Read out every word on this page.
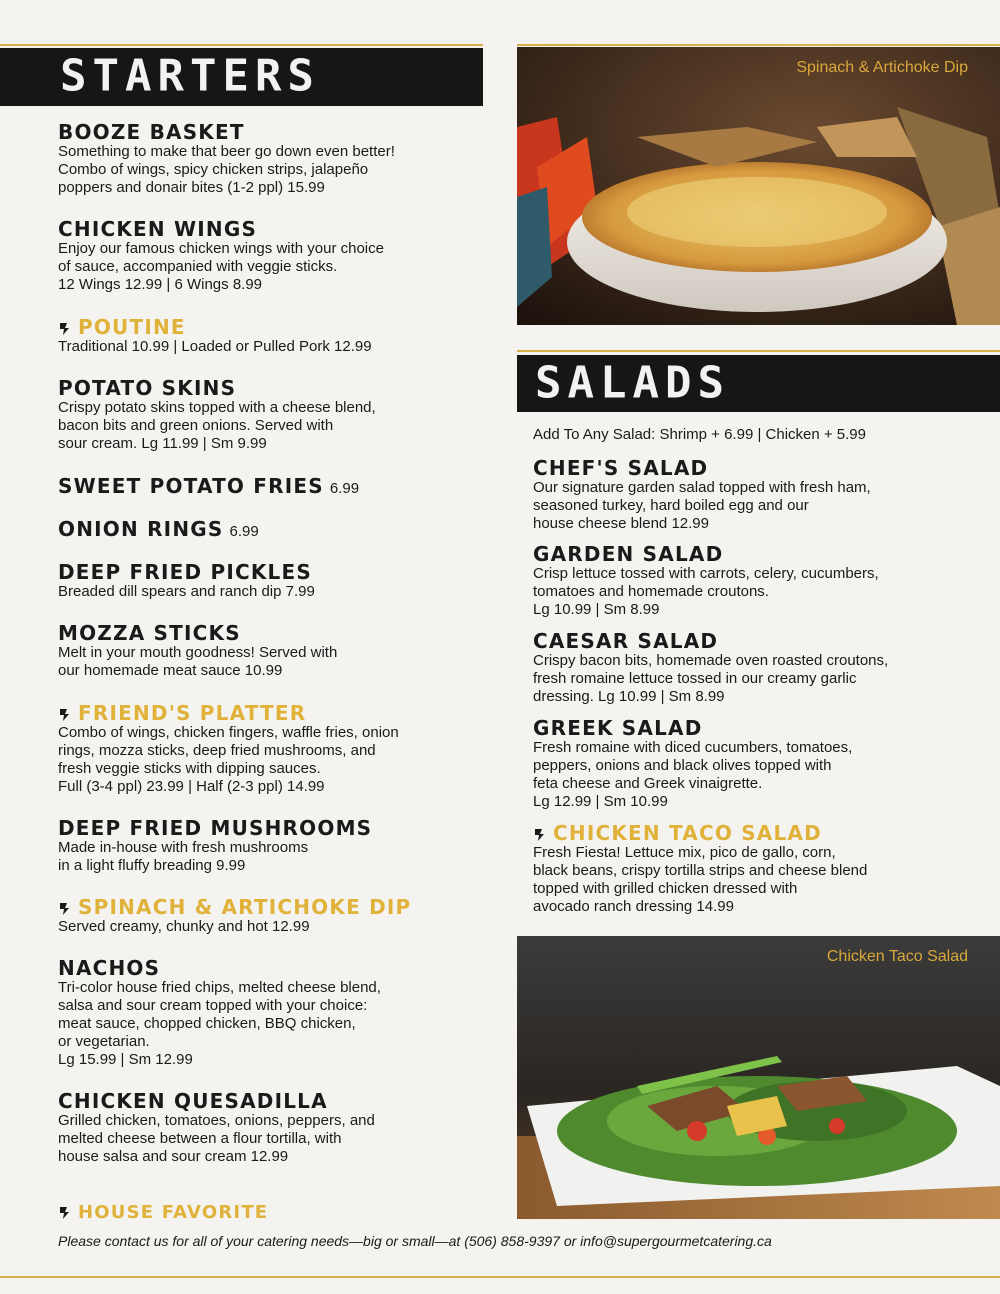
STARTERS
BOOZE BASKET
Something to make that beer go down even better!
Combo of wings, spicy chicken strips, jalapeño
poppers and donair bites (1-2 ppl) 15.99
CHICKEN WINGS
Enjoy our famous chicken wings with your choice
of sauce, accompanied with veggie sticks.
12 Wings 12.99 | 6 Wings 8.99
POUTINE
Traditional 10.99 | Loaded or Pulled Pork 12.99
POTATO SKINS
Crispy potato skins topped with a cheese blend,
bacon bits and green onions. Served with
sour cream. Lg 11.99 | Sm 9.99
SWEET POTATO FRIES 6.99
ONION RINGS 6.99
DEEP FRIED PICKLES
Breaded dill spears and ranch dip 7.99
MOZZA STICKS
Melt in your mouth goodness! Served with
our homemade meat sauce 10.99
FRIEND'S PLATTER
Combo of wings, chicken fingers, waffle fries, onion
rings, mozza sticks, deep fried mushrooms, and
fresh veggie sticks with dipping sauces.
Full (3-4 ppl) 23.99 | Half (2-3 ppl) 14.99
DEEP FRIED MUSHROOMS
Made in-house with fresh mushrooms
in a light fluffy breading 9.99
SPINACH & ARTICHOKE DIP
Served creamy, chunky and hot 12.99
NACHOS
Tri-color house fried chips, melted cheese blend,
salsa and sour cream topped with your choice:
meat sauce, chopped chicken, BBQ chicken,
or vegetarian.
Lg 15.99 | Sm 12.99
CHICKEN QUESADILLA
Grilled chicken, tomatoes, onions, peppers, and
melted cheese between a flour tortilla, with
house salsa and sour cream 12.99
HOUSE FAVORITE
Spinach & Artichoke Dip
SALADS
Add To Any Salad: Shrimp + 6.99 | Chicken + 5.99
CHEF'S SALAD
Our signature garden salad topped with fresh ham,
seasoned turkey, hard boiled egg and our
house cheese blend 12.99
GARDEN SALAD
Crisp lettuce tossed with carrots, celery, cucumbers,
tomatoes and homemade croutons.
Lg 10.99 | Sm 8.99
CAESAR SALAD
Crispy bacon bits, homemade oven roasted croutons,
fresh romaine lettuce tossed in our creamy garlic
dressing. Lg 10.99 | Sm 8.99
GREEK SALAD
Fresh romaine with diced cucumbers, tomatoes,
peppers, onions and black olives topped with
feta cheese and Greek vinaigrette.
Lg 12.99 | Sm 10.99
CHICKEN TACO SALAD
Fresh Fiesta! Lettuce mix, pico de gallo, corn,
black beans, crispy tortilla strips and cheese blend
topped with grilled chicken dressed with
avocado ranch dressing 14.99
Chicken Taco Salad
Please contact us for all of your catering needs—big or small—at (506) 858-9397 or info@supergourmetcatering.ca
